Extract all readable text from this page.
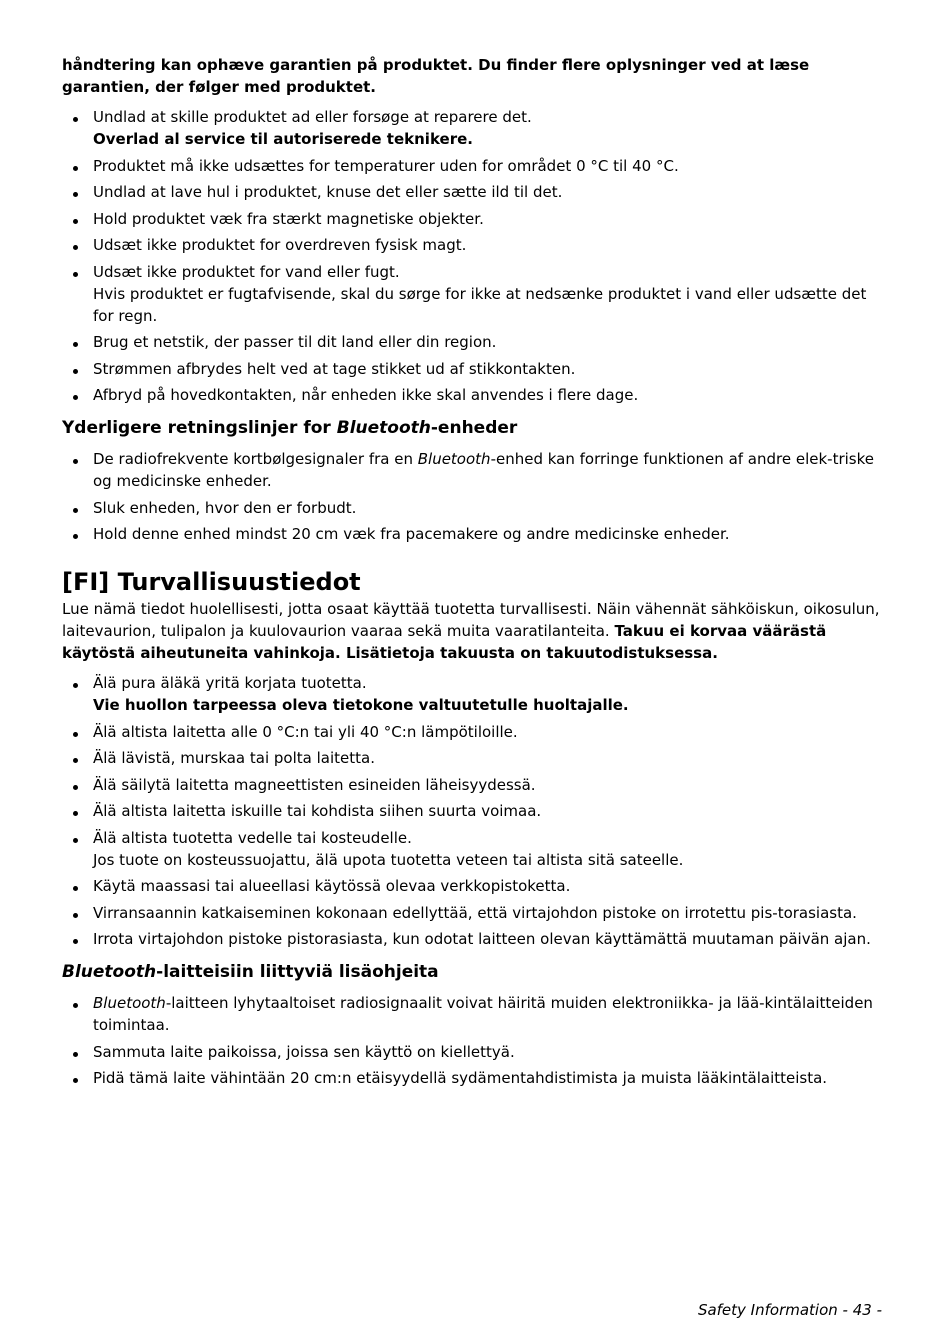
håndtering kan ophæve garantien på produktet. Du finder flere oplysninger ved at læse garantien, der følger med produktet.

Undlad at skille produktet ad eller forsøge at reparere det.
Overlad al service til autoriserede teknikere.
Produktet må ikke udsættes for temperaturer uden for området 0 °C til 40 °C.
Undlad at lave hul i produktet, knuse det eller sætte ild til det.
Hold produktet væk fra stærkt magnetiske objekter.
Udsæt ikke produktet for overdreven fysisk magt.
Udsæt ikke produktet for vand eller fugt.
Hvis produktet er fugtafvisende, skal du sørge for ikke at nedsænke produktet i vand eller udsætte det for regn.
Brug et netstik, der passer til dit land eller din region.
Strømmen afbrydes helt ved at tage stikket ud af stikkontakten.
Afbryd på hovedkontakten, når enheden ikke skal anvendes i flere dage.
Yderligere retningslinjer for Bluetooth-enheder
De radiofrekvente kortbølgesignaler fra en Bluetooth-enhed kan forringe funktionen af andre elek-triske og medicinske enheder.
Sluk enheden, hvor den er forbudt.
Hold denne enhed mindst 20 cm væk fra pacemakere og andre medicinske enheder.
[FI] Turvallisuustiedot

Lue nämä tiedot huolellisesti, jotta osaat käyttää tuotetta turvallisesti. Näin vähennät sähköiskun, oikosulun, laitevaurion, tulipalon ja kuulovaurion vaaraa sekä muita vaaratilanteita. Takuu ei korvaa väärästä käytöstä aiheutuneita vahinkoja. Lisätietoja takuusta on takuutodistuksessa.

Älä pura äläkä yritä korjata tuotetta.
Vie huollon tarpeessa oleva tietokone valtuutetulle huoltajalle.
Älä altista laitetta alle 0 °C:n tai yli 40 °C:n lämpötiloille.
Älä lävistä, murskaa tai polta laitetta.
Älä säilytä laitetta magneettisten esineiden läheisyydessä.
Älä altista laitetta iskuille tai kohdista siihen suurta voimaa.
Älä altista tuotetta vedelle tai kosteudelle.
Jos tuote on kosteussuojattu, älä upota tuotetta veteen tai altista sitä sateelle.
Käytä maassasi tai alueellasi käytössä olevaa verkkopistoketta.
Virransaannin katkaiseminen kokonaan edellyttää, että virtajohdon pistoke on irrotettu pis-torasiasta.
Irrota virtajohdon pistoke pistorasiasta, kun odotat laitteen olevan käyttämättä muutaman päivän ajan.
Bluetooth-laitteisiin liittyviä lisäohjeita
Bluetooth-laitteen lyhytaaltoiset radiosignaalit voivat häiritä muiden elektroniikka- ja lää-kintälaitteiden toimintaa.
Sammuta laite paikoissa, joissa sen käyttö on kiellettyä.
Pidä tämä laite vähintään 20 cm:n etäisyydellä sydämentahdistimista ja muista lääkintälaitteista.
Safety Information - 43 -
